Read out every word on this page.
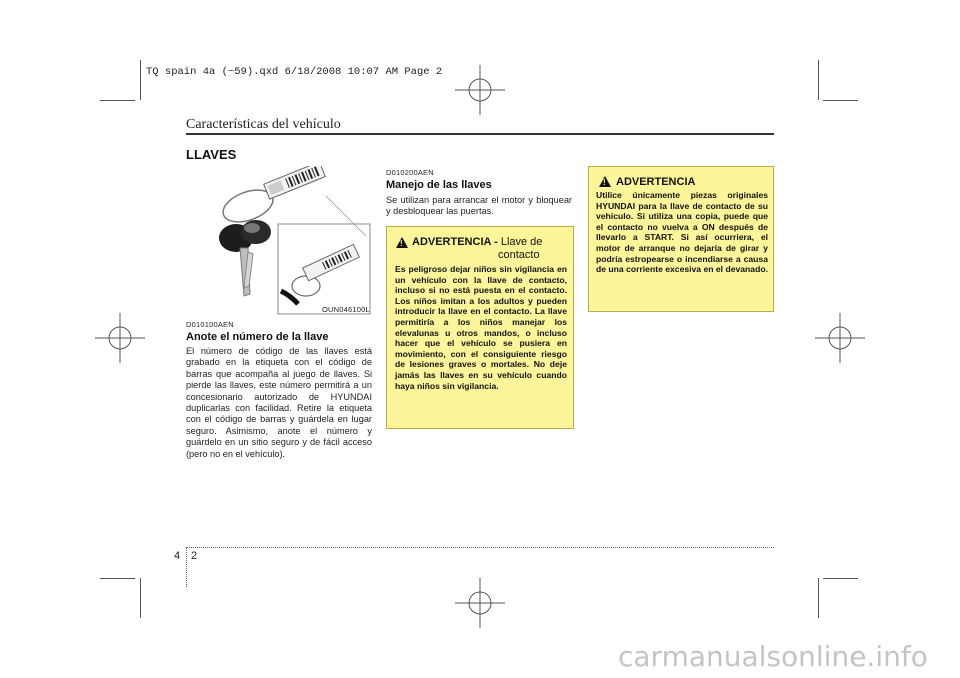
TQ spain 4a (~59).qxd 6/18/2008 10:07 AM Page 2
Características del vehículo
LLAVES
OUN046100L
D010100AEN
Anote el número de la llave
El número de código de las llaves está grabado en la etiqueta con el código de barras que acompaña al juego de llaves. Si pierde las llaves, este número permitirá a un concesionario autorizado de HYUNDAI duplicarlas con facilidad. Retire la etiqueta con el código de barras y guárdela en lugar seguro. Asimismo, anote el número y guárdelo en un sitio seguro y de fácil acceso (pero no en el vehículo).
D010200AEN
Manejo de las llaves
Se utilizan para arrancar el motor y bloquear y desbloquear las puertas.
! ADVERTENCIA - Llave de
contacto
Es peligroso dejar niños sin vigilancia en un vehículo con la llave de contacto, incluso si no está puesta en el contacto. Los niños imitan a los adultos y pueden introducir la llave en el contacto. La llave permitiría a los niños manejar los elevalunas u otros mandos, o incluso hacer que el vehículo se pusiera en movimiento, con el consiguiente riesgo de lesiones graves o mortales. No deje jamás las llaves en su vehículo cuando haya niños sin vigilancia.
! ADVERTENCIA
Utilice únicamente piezas originales HYUNDAI para la llave de contacto de su vehículo. Si utiliza una copia, puede que el contacto no vuelva a ON después de llevarlo a START. Si así ocurriera, el motor de arranque no dejaría de girar y podría estropearse o incendiarse a causa de una corriente excesiva en el devanado.
4 2
carmanualsonline.info
